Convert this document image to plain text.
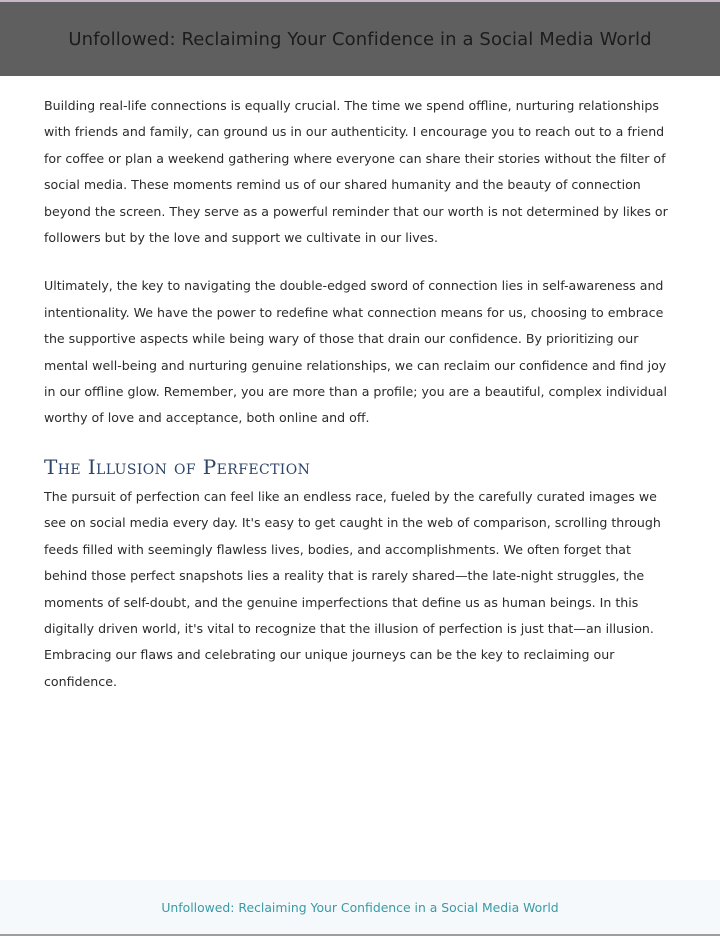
Unfollowed: Reclaiming Your Confidence in a Social Media World

Building real-life connections is equally crucial. The time we spend offline, nurturing relationships with friends and family, can ground us in our authenticity. I encourage you to reach out to a friend for coffee or plan a weekend gathering where everyone can share their stories without the filter of social media. These moments remind us of our shared humanity and the beauty of connection beyond the screen. They serve as a powerful reminder that our worth is not determined by likes or followers but by the love and support we cultivate in our lives.

Ultimately, the key to navigating the double-edged sword of connection lies in self-awareness and intentionality. We have the power to redefine what connection means for us, choosing to embrace the supportive aspects while being wary of those that drain our confidence. By prioritizing our mental well-being and nurturing genuine relationships, we can reclaim our confidence and find joy in our offline glow. Remember, you are more than a profile; you are a beautiful, complex individual worthy of love and acceptance, both online and off.

The Illusion of Perfection

The pursuit of perfection can feel like an endless race, fueled by the carefully curated images we see on social media every day. It's easy to get caught in the web of comparison, scrolling through feeds filled with seemingly flawless lives, bodies, and accomplishments. We often forget that behind those perfect snapshots lies a reality that is rarely shared—the late-night struggles, the moments of self-doubt, and the genuine imperfections that define us as human beings. In this digitally driven world, it's vital to recognize that the illusion of perfection is just that—an illusion. Embracing our flaws and celebrating our unique journeys can be the key to reclaiming our confidence.

Unfollowed: Reclaiming Your Confidence in a Social Media World
